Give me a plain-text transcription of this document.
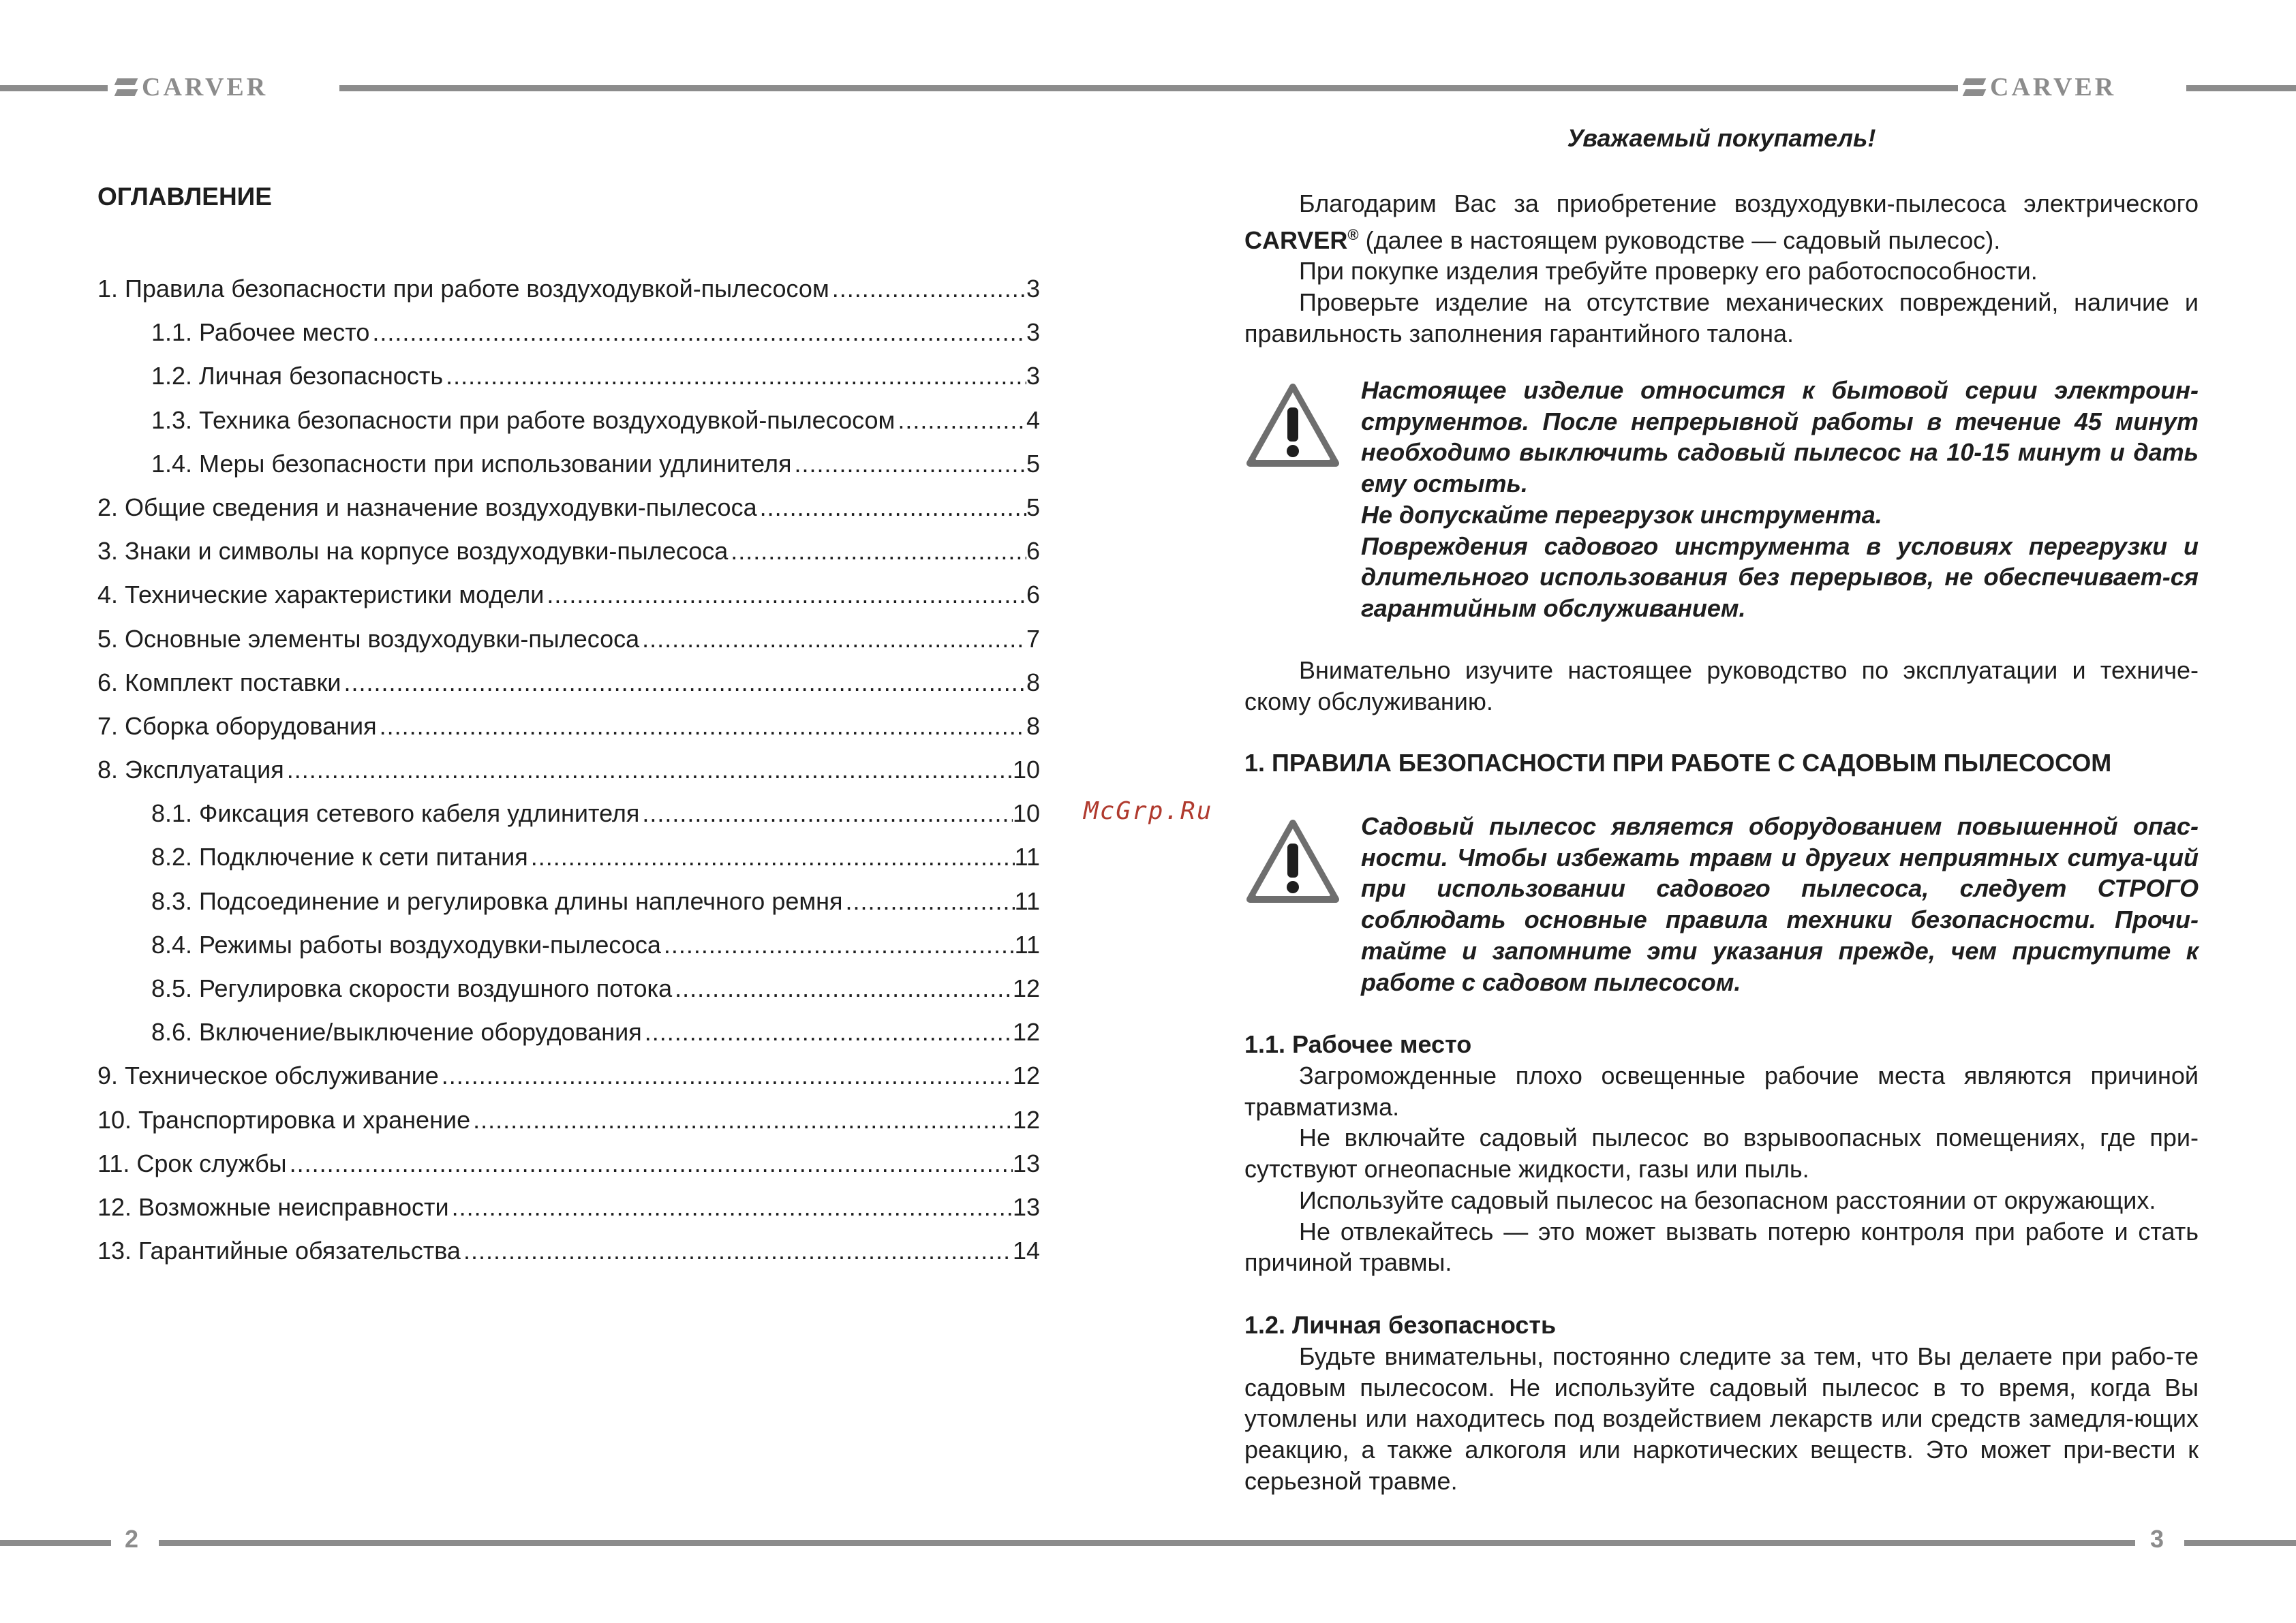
CARVER	CARVER
ОГЛАВЛЕНИЕ
1. Правила безопасности при работе воздуходувкой-пылесосом .....	3
1.1. Рабочее место .....	3
1.2. Личная безопасность .....	3
1.3. Техника безопасности при работе воздуходувкой-пылесосом .....	4
1.4. Меры безопасности при использовании удлинителя .....	5
2. Общие сведения и назначение воздуходувки-пылесоса .....	5
3. Знаки и символы на корпусе воздуходувки-пылесоса .....	6
4. Технические характеристики модели .....	6
5. Основные элементы воздуходувки-пылесоса .....	7
6. Комплект поставки .....	8
7. Сборка оборудования .....	8
8. Эксплуатация .....	10
8.1. Фиксация сетевого кабеля удлинителя .....	10
8.2. Подключение к сети питания .....	11
8.3. Подсоединение и регулировка длины наплечного ремня .....	11
8.4. Режимы работы воздуходувки-пылесоса .....	11
8.5. Регулировка скорости воздушного потока .....	12
8.6. Включение/выключение оборудования .....	12
9. Техническое обслуживание .....	12
10. Транспортировка и хранение .....	12
11. Срок службы .....	13
12. Возможные неисправности .....	13
13. Гарантийные обязательства .....	14
McGrp.Ru
Уважаемый покупатель!

Благодарим Вас за приобретение воздуходувки-пылесоса электрического CARVER® (далее в настоящем руководстве — садовый пылесос).

При покупке изделия требуйте проверку его работоспособности.

Проверьте изделие на отсутствие механических повреждений, наличие и правильность заполнения гарантийного талона.

Настоящее изделие относится к бытовой серии электроин-струментов. После непрерывной работы в течение 45 минут необходимо выключить садовый пылесос на 10-15 минут и дать ему остыть.

Не допускайте перегрузок инструмента.

Повреждения садового инструмента в условиях перегрузки и длительного использования без перерывов, не обеспечивает-ся гарантийным обслуживанием.

Внимательно изучите настоящее руководство по эксплуатации и техниче-скому обслуживанию.

1. ПРАВИЛА БЕЗОПАСНОСТИ ПРИ РАБОТЕ С САДОВЫМ ПЫЛЕСОСОМ

Садовый пылесос является оборудованием повышенной опас-ности. Чтобы избежать травм и других неприятных ситуа-ций при использовании садового пылесоса, следует СТРОГО соблюдать основные правила техники безопасности. Прочи-тайте и запомните эти указания прежде, чем приступите к работе с садовом пылесосом.

1.1. Рабочее место

Загроможденные плохо освещенные рабочие места являются причиной травматизма.

Не включайте садовый пылесос во взрывоопасных помещениях, где при-сутствуют огнеопасные жидкости, газы или пыль.

Используйте садовый пылесос на безопасном расстоянии от окружающих.

Не отвлекайтесь — это может вызвать потерю контроля при работе и стать причиной травмы.

1.2. Личная безопасность

Будьте внимательны, постоянно следите за тем, что Вы делаете при рабо-те садовым пылесосом. Не используйте садовый пылесос в то время, когда Вы утомлены или находитесь под воздействием лекарств или средств замедля-ющих реакцию, а также алкоголя или наркотических веществ. Это может при-вести к серьезной травме.

2	3
